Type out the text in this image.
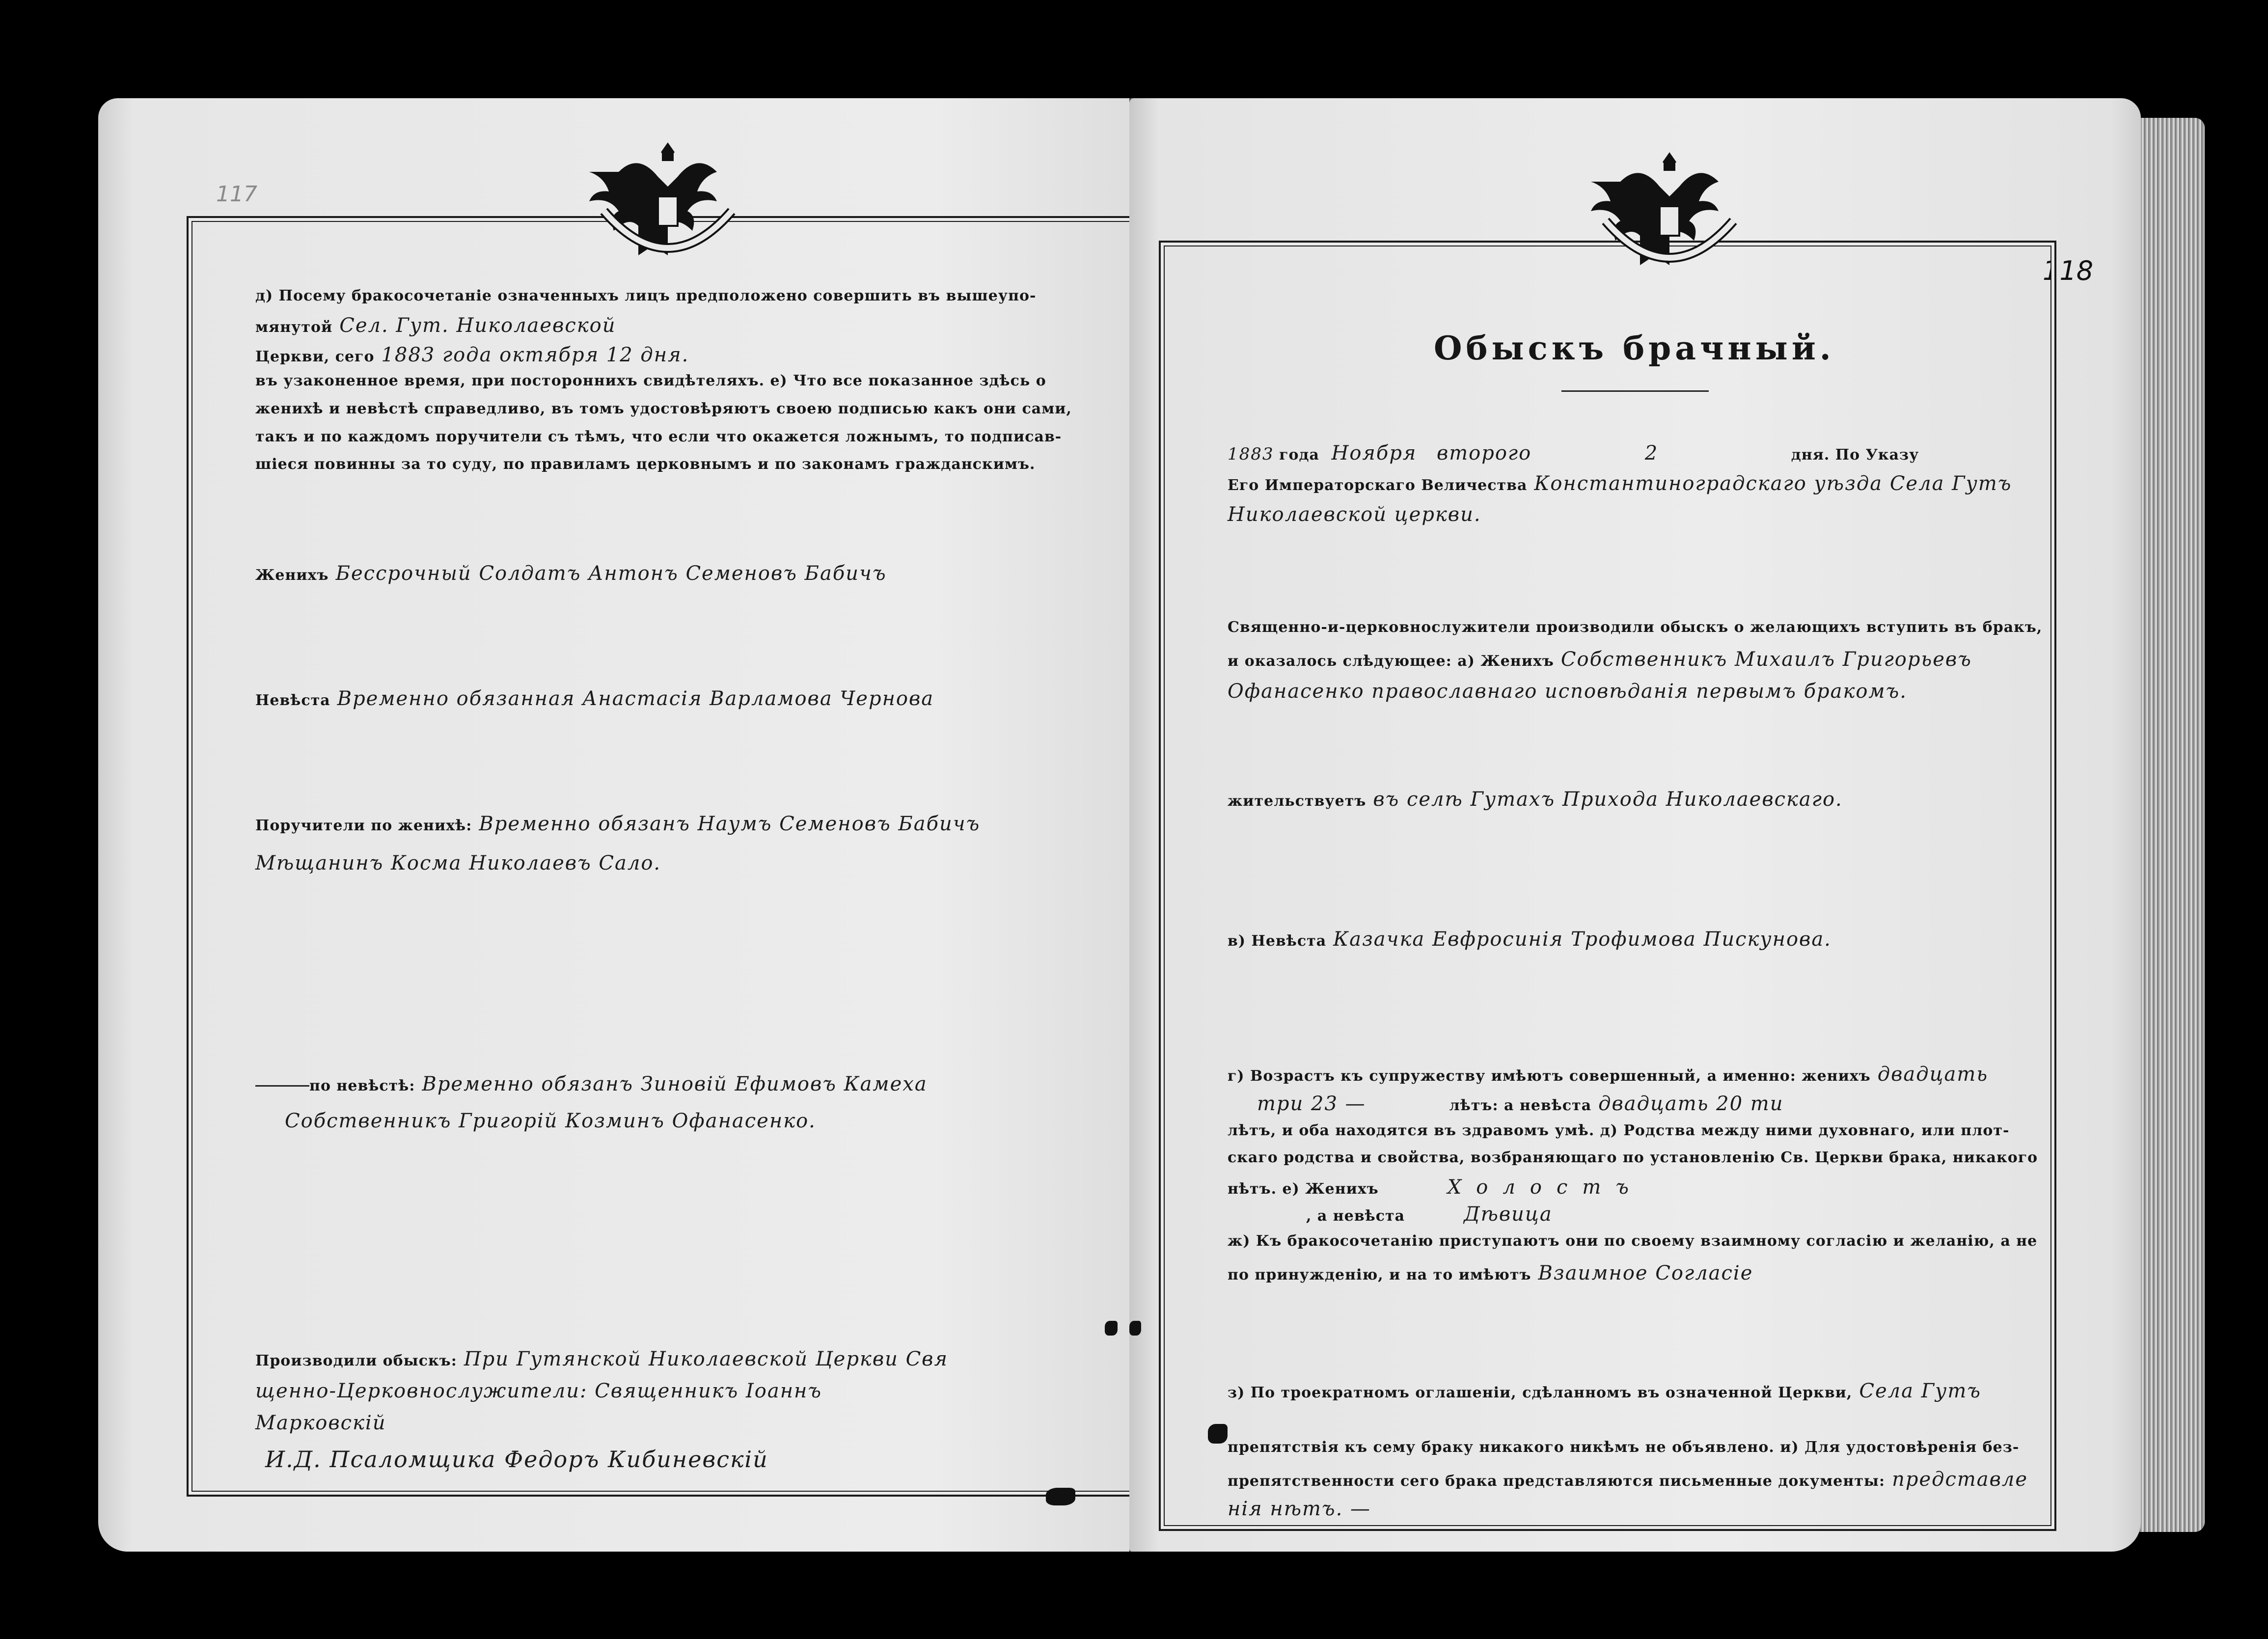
117
д) Посему бракосочетаніе означенныхъ лицъ предположено совершить въ вышеупо-
мянутой Сел. Гут. Николаевской
Церкви, сего 1883 года октября 12 дня.
въ узаконенное время, при постороннихъ свидѣтеляхъ. е) Что все показанное здѣсь о
женихѣ и невѣстѣ справедливо, въ томъ удостовѣряютъ своею подписью какъ они сами,
такъ и по каждомъ поручители съ тѣмъ, что если что окажется ложнымъ, то подписав-
шіеся повинны за то суду, по правиламъ церковнымъ и по законамъ гражданскимъ.
Женихъ Бессрочный Солдатъ Антонъ Семеновъ Бабичъ
Невѣста Временно обязанная Анастасія Варламова Чернова
Поручители по женихѣ: Временно обязанъ Наумъ Семеновъ Бабичъ
Мѣщанинъ Косма Николаевъ Сало.
по невѣстѣ: Временно обязанъ Зиновій Ефимовъ Камеха
Собственникъ Григорій Козминъ Офанасенко.
Производили обыскъ: При Гутянской Николаевской Церкви Свя
щенно-Церковнослужители: Священникъ Іоаннъ
Марковскій
И.Д. Псаломщика Федоръ Кибиневскій
118
Обыскъ брачный.
1883 года Ноября второго	2	дня. По Указу
Его Императорскаго Величества Константиноградскаго уѣзда Села Гутъ
Николаевской церкви.
Священно-и-церковнослужители производили обыскъ о желающихъ вступить въ бракъ,
и оказалось слѣдующее: а) Женихъ Собственникъ Михаилъ Григорьевъ
Офанасенко православнаго исповѣданія первымъ бракомъ.
жительствуетъ въ селѣ Гутахъ Прихода Николаевскаго.
в) Невѣста Казачка Евфросинія Трофимова Пискунова.
г) Возрастъ къ супружеству имѣютъ совершенный, а именно: женихъ двадцать
три 23 —	лѣтъ: а невѣста двадцать 20 ти
лѣтъ, и оба находятся въ здравомъ умѣ. д) Родства между ними духовнаго, или плот-
скаго родства и свойства, возбраняющаго по установленію Св. Церкви брака, никакого
нѣтъ. е) Женихъ	Холостъ
, а невѣста	Дѣвица
ж) Къ бракосочетанію приступаютъ они по своему взаимному согласію и желанію, а не
по принужденію, и на то имѣютъ Взаимное Согласіе
з) По троекратномъ оглашеніи, сдѣланномъ въ означенной Церкви, Села Гутъ
препятствія къ сему браку никакого никѣмъ не объявлено. и) Для удостовѣренія без-
препятственности сего брака представляются письменные документы: представле
нія нѣтъ. —
